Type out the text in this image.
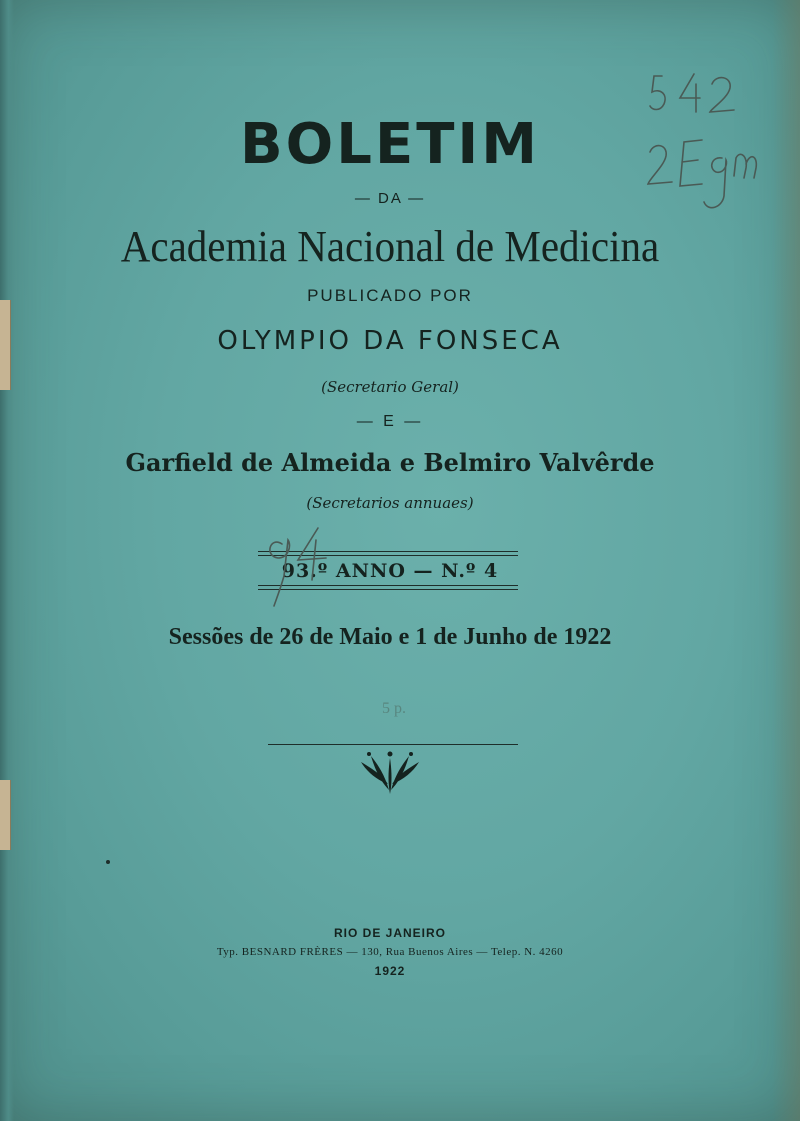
BOLETIM
— DA —
Academia Nacional de Medicina
PUBLICADO POR
OLYMPIO DA FONSECA
(Secretario Geral)
— E —
Garfield de Almeida e Belmiro Valvêrde
(Secretarios annuaes)
93.º ANNO — N.º 4
Sessões de 26 de Maio e 1 de Junho de 1922
5 p.
RIO DE JANEIRO
Typ. BESNARD FRÈRES — 130, Rua Buenos Aires — Telep. N. 4260
1922
